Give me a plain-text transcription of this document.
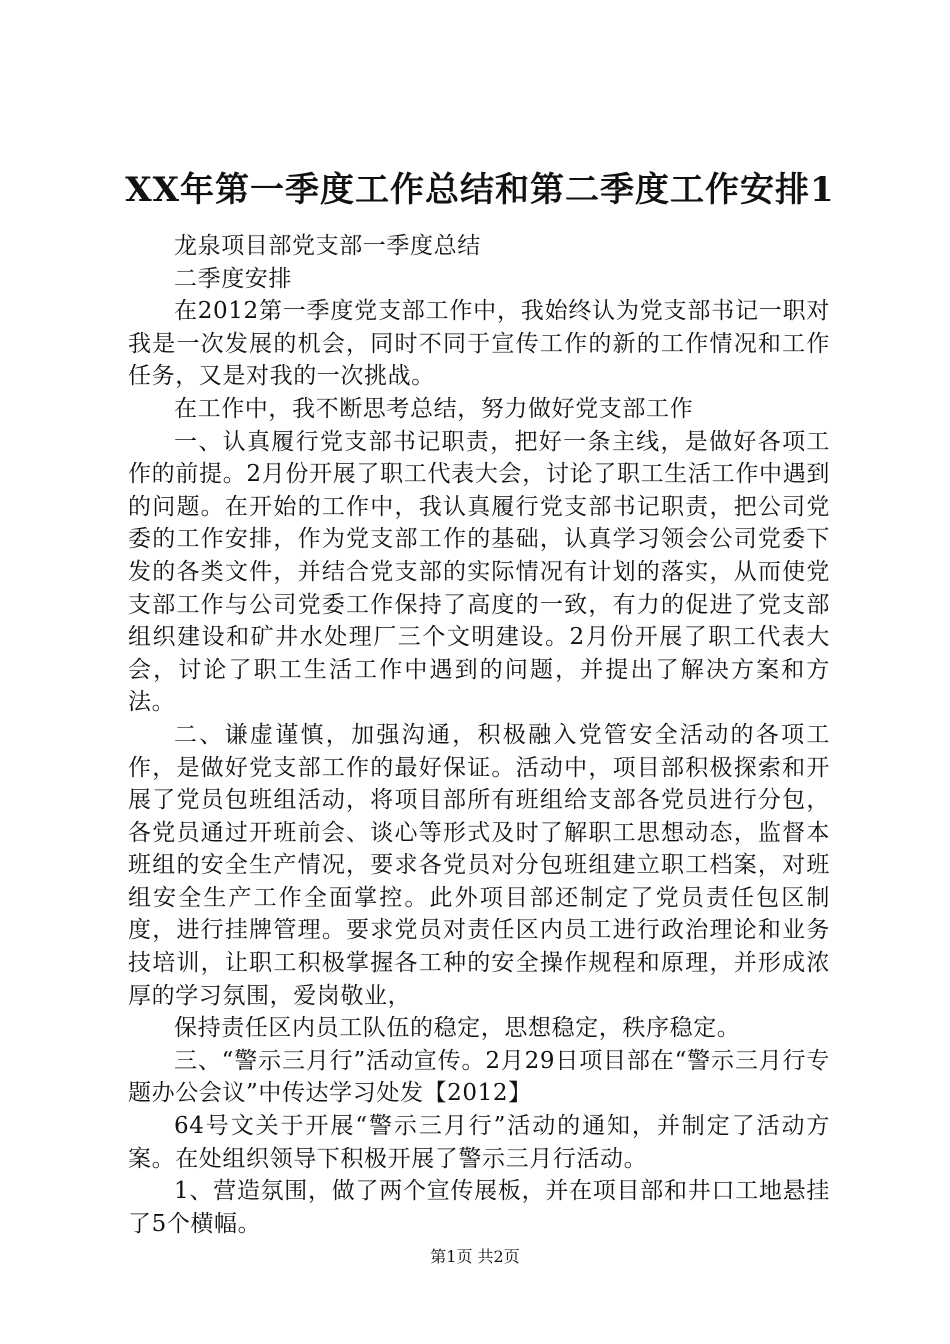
XX年第一季度工作总结和第二季度工作安排1

龙泉项目部党支部一季度总结

二季度安排

在2012第一季度党支部工作中，我始终认为党支部书记一职对我是一次发展的机会，同时不同于宣传工作的新的工作情况和工作任务，又是对我的一次挑战。

在工作中，我不断思考总结，努力做好党支部工作

一、认真履行党支部书记职责，把好一条主线，是做好各项工作的前提。2月份开展了职工代表大会，讨论了职工生活工作中遇到的问题。在开始的工作中，我认真履行党支部书记职责，把公司党委的工作安排，作为党支部工作的基础，认真学习领会公司党委下发的各类文件，并结合党支部的实际情况有计划的落实，从而使党支部工作与公司党委工作保持了高度的一致，有力的促进了党支部组织建设和矿井水处理厂三个文明建设。2月份开展了职工代表大会，讨论了职工生活工作中遇到的问题，并提出了解决方案和方法。

二、谦虚谨慎，加强沟通，积极融入党管安全活动的各项工作，是做好党支部工作的最好保证。活动中，项目部积极探索和开展了党员包班组活动，将项目部所有班组给支部各党员进行分包，各党员通过开班前会、谈心等形式及时了解职工思想动态，监督本班组的安全生产情况，要求各党员对分包班组建立职工档案，对班组安全生产工作全面掌控。此外项目部还制定了党员责任包区制度，进行挂牌管理。要求党员对责任区内员工进行政治理论和业务技培训，让职工积极掌握各工种的安全操作规程和原理，并形成浓厚的学习氛围，爱岗敬业，

保持责任区内员工队伍的稳定，思想稳定，秩序稳定。

三、“警示三月行”活动宣传。2月29日项目部在“警示三月行专题办公会议”中传达学习处发【2012】

64号文关于开展“警示三月行”活动的通知，并制定了活动方案。在处组织领导下积极开展了警示三月行活动。

1、营造氛围，做了两个宣传展板，并在项目部和井口工地悬挂了5个横幅。

第1页 共2页
